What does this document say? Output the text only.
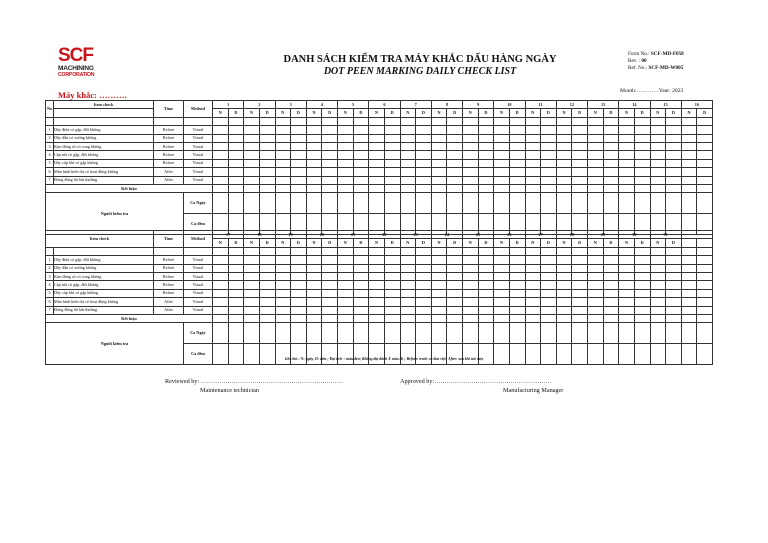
SCF
MACHINING
CORPORATION
DANH SÁCH KIỂM TRA MÁY KHẮC DẤU HÀNG NGÀY
DOT PEEN MARKING DAILY CHECK LIST
Form No.: SCF-MD-F058
Rev. : 00
Ref. No.: SCF-MD-W005
Month:…………Year: 2023
Máy khắc: ……….
No	Item check	Time	Method	1		2		3		4		5		6		7		8		9		10		11		12		13		14		15		16	
				N	D	N	D	N	D	N	D	N	D	N	D	N	D	N	D	N	D	N	D	N	D	N	D	N	D	N	D	N	D	N	D

1	Dây điện có gập, đứt không	Before	Visual																																
2	Dây dẫn có vướng không	Before	Visual																																
3	Kim đóng số có cong không	Before	Visual																																
4	Cáp nối có gập, đứt không	Before	Visual																																
5	Dây cấp khí có gập không	Before	Visual																																
6	Màn hình hiển thị có hoạt động không	After	Visual																																
7	Đóng đồng hồ bất thường	After	Visual																																
Kết luận																																			
Người kiểm tra			Ca Ngày																																
			Ca đêm																																
Item check		Time	Method	17		18		19		20		21		22		23		24		25		26		27		28		29		30		31			
				N	D	N	D	N	D	N	D	N	D	N	D	N	D	N	D	N	D	N	D	N	D	N	D	N	D	N	D	N	D		

1	Dây điện có gập, đứt không	Before	Visual																																
2	Dây dẫn có vướng không	Before	Visual																																
3	Kim đóng số có cong không	Before	Visual																																
4	Cáp nối có gập, đứt không	Before	Visual																																
5	Dây cấp khí có gập không	Before	Visual																																
6	Màn hình hiển thị có hoạt động không	After	Visual																																
7	Đóng đồng hồ bất thường	After	Visual																																
Kết luận																																			
Người kiểm tra			Ca Ngày																																
			Ca đêm																																
Ghi chú : N: ngày, D: đêm ; Đạt tích √ màu đen; Không đạt đánh X màu đỏ ; Before: trước ca làm việc, After: sau khi mở máy
Reviewed by: ……………………………………………………………
Maintenance technician
Approved by:…………………………………………………
Manufacturing Manager
